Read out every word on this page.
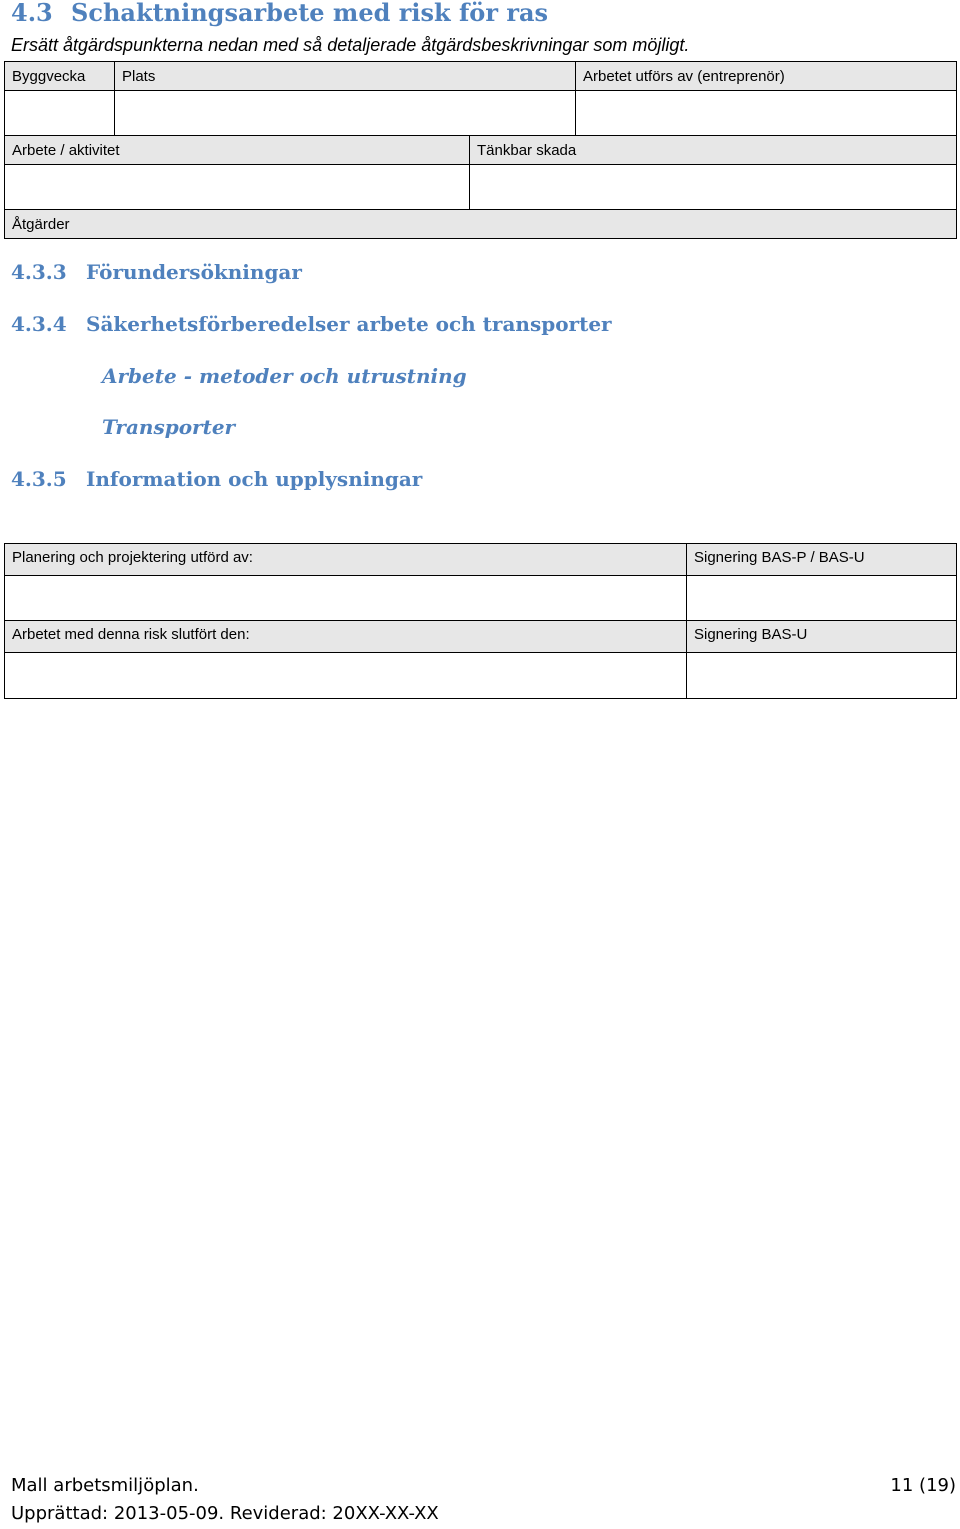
4.3 Schaktningsarbete med risk för ras
Ersätt åtgärdspunkterna nedan med så detaljerade åtgärdsbeskrivningar som möjligt.
Byggvecka	Plats	Arbetet utförs av (entreprenör)
Arbete / aktivitet	Tänkbar skada
Åtgärder
4.3.3 Förundersökningar
4.3.4 Säkerhetsförberedelser arbete och transporter
Arbete - metoder och utrustning
Transporter
4.3.5 Information och upplysningar
Planering och projektering utförd av:	Signering BAS-P / BAS-U
Arbetet med denna risk slutfört den:	Signering BAS-U
Mall arbetsmiljöplan.	11 (19)
Upprättad: 2013-05-09. Reviderad: 20XX-XX-XX
